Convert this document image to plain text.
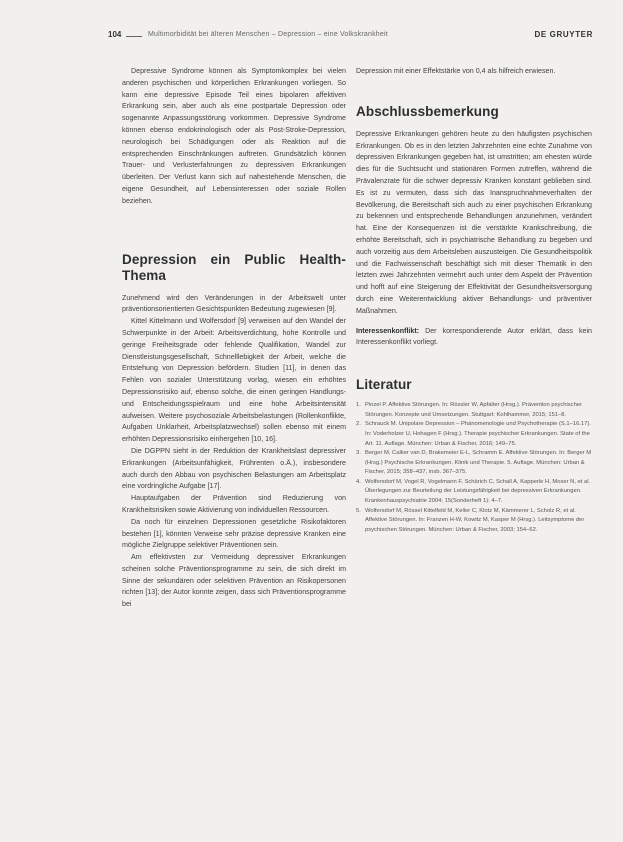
104	Multimorbidität bei älteren Menschen – Depression – eine Volkskrankheit	DE GRUYTER

Depressive Syndrome können als Symptomkomplex bei vielen anderen psychischen und körperlichen Erkrankungen vorliegen. So kann eine depressive Episode Teil eines bipolaren affektiven Erkrankung sein, aber auch als eine postpartale Depression oder sogenannte Anpassungsstörung vorkommen. Depressive Syndrome können ebenso endokrinologisch oder als Post-Stroke-Depression, neurologisch bei Schädigungen oder als Reaktion auf die entsprechenden Einschränkungen auftreten. Grundsätzlich können Trauer- und Verlusterfahrungen zu depressiven Erkrankungen überleiten. Der Verlust kann sich auf nahestehende Menschen, die eigene Gesundheit, auf Lebensinteressen oder soziale Rollen beziehen.

Depression ein Public Health-Thema

Zunehmend wird den Veränderungen in der Arbeitswelt unter präventionsorientierten Gesichtspunkten Bedeutung zugewiesen [9].

Kittel Kittelmann und Wolfersdorf [9] verweisen auf den Wandel der Schwerpunkte in der Arbeit: Arbeitsverdichtung, hohe Kontrolle und geringe Freiheitsgrade oder fehlende Qualifikation, Wandel zur Dienstleistungsgesellschaft, Schnelllebigkeit der Arbeit, welche die Entstehung von Depression befördern. Studien [11], in denen das Fehlen von sozialer Unterstützung vorlag, wiesen ein erhöhtes Depressionsrisiko auf, ebenso solche, die einen geringen Handlungs- und Entscheidungsspielraum und eine hohe Arbeitsintensität aufweisen. Weitere psychosoziale Arbeitsbelastungen (Rollenkonflikte, Aufgaben Unklarheit, Arbeitsplatzwechsel) sollen ebenso mit einem erhöhten Depressionsrisiko einhergehen [10, 16].

Die DGPPN sieht in der Reduktion der Krankheitslast depressiver Erkrankungen (Arbeitsunfähigkeit, Frührenten o.Ä.), insbesondere auch durch den Abbau von psychischen Belastungen am Arbeitsplatz eine vordringliche Aufgabe [17].

Hauptaufgaben der Prävention sind Reduzierung von Krankheitsrisiken sowie Aktivierung von individuellen Ressourcen.

Da noch für einzelnen Depressionen gesetzliche Risikofaktoren bestehen [1], könnten Verweise sehr präzise depressive Kranken eine mögliche Zielgruppe selektiver Präventionen sein.

Am effektivsten zur Vermeidung depressiver Erkrankungen scheinen solche Präventionsprogramme zu sein, die sich direkt im Sinne der sekundären oder selektiven Prävention an Risikopersonen richten [13]; der Autor konnte zeigen, dass sich Präventionsprogramme bei

Depression mit einer Effektstärke von 0,4 als hilfreich erwiesen.

Abschlussbemerkung

Depressive Erkrankungen gehören heute zu den häufigsten psychischen Erkrankungen. Ob es in den letzten Jahrzehnten eine echte Zunahme von depressiven Erkrankungen gegeben hat, ist umstritten; am ehesten würde dies für die Suchtsucht und stationären Formen zutreffen, während die Prävalenzrate für die schwer depressiv Kranken konstant geblieben sind. Es ist zu vermuten, dass sich das Inanspruchnahmeverhalten der Bevölkerung, die Bereitschaft sich auch zu einer psychischen Erkrankung zu bekennen und entsprechende Behandlungen anzunehmen, verändert hat. Eine der Konsequenzen ist die verstärkte Krankschreibung, die erhöhte Bereitschaft, sich in psychiatrische Behandlung zu begeben und auch vorzeitig aus dem Arbeitsleben auszusteigen. Die Gesundheitspolitik und die Fachwissenschaft beschäftigt sich mit dieser Thematik in den letzten zwei Jahrzehnten vermehrt auch unter dem Aspekt der Prävention und hofft auf eine Steigerung der Effektivität der Gesundheitsversorgung durch eine Weiterentwicklung aktiver Behandlungs- und präventiver Maßnahmen.

Interessenkonflikt: Der korrespondierende Autor erklärt, dass kein Interessenkonflikt vorliegt.

Literatur

1. Pinzel P. Affektive Störungen. In: Rössler W, Apfalter (Hrsg.). Prävention psychischer Störungen. Konzepte und Umsetzungen. Stuttgart: Kohlhammer, 2015; 151–8.

2. Schrauck M. Unipolare Depression – Phänomenologie und Psychotherapie (S.1–16.17). In: Voderholzer U, Hohagen F (Hrsg.). Therapie psychischer Erkrankungen. State of the Art. 11. Auflage. München: Urban & Fischer, 2016; 149–75.

3. Berger M, Calker van D, Brakemeier E-L, Schramm E. Affektive Störungen. In: Berger M (Hrsg.) Psychische Erkrankungen. Klinik und Therapie. 5. Auflage. München: Urban & Fischer, 2015; 358–437, insb. 367–375.

4. Wolfersdorf M, Vogel R, Vogelmann F, Schärich C, Schall A, Kapperle H, Moser N, et al. Überlegungen zur Beurteilung der Leistungsfähigkeit bei depressiven Erkrankungen. Krankenhauspsychiatrie 2004; 15(Sonderheft 1): 4–7.

5. Wolfersdorf M, Rössel Kittelfeld M, Keller C, Klotz M, Kämmerer L, Scholz R, et al. Affektive Störungen. In: Franzen H-W, Kowitz M, Kasper M (Hrsg.). Leitsymptome der psychischen Störungen. München: Urban & Fischer, 2003; 154–62.
